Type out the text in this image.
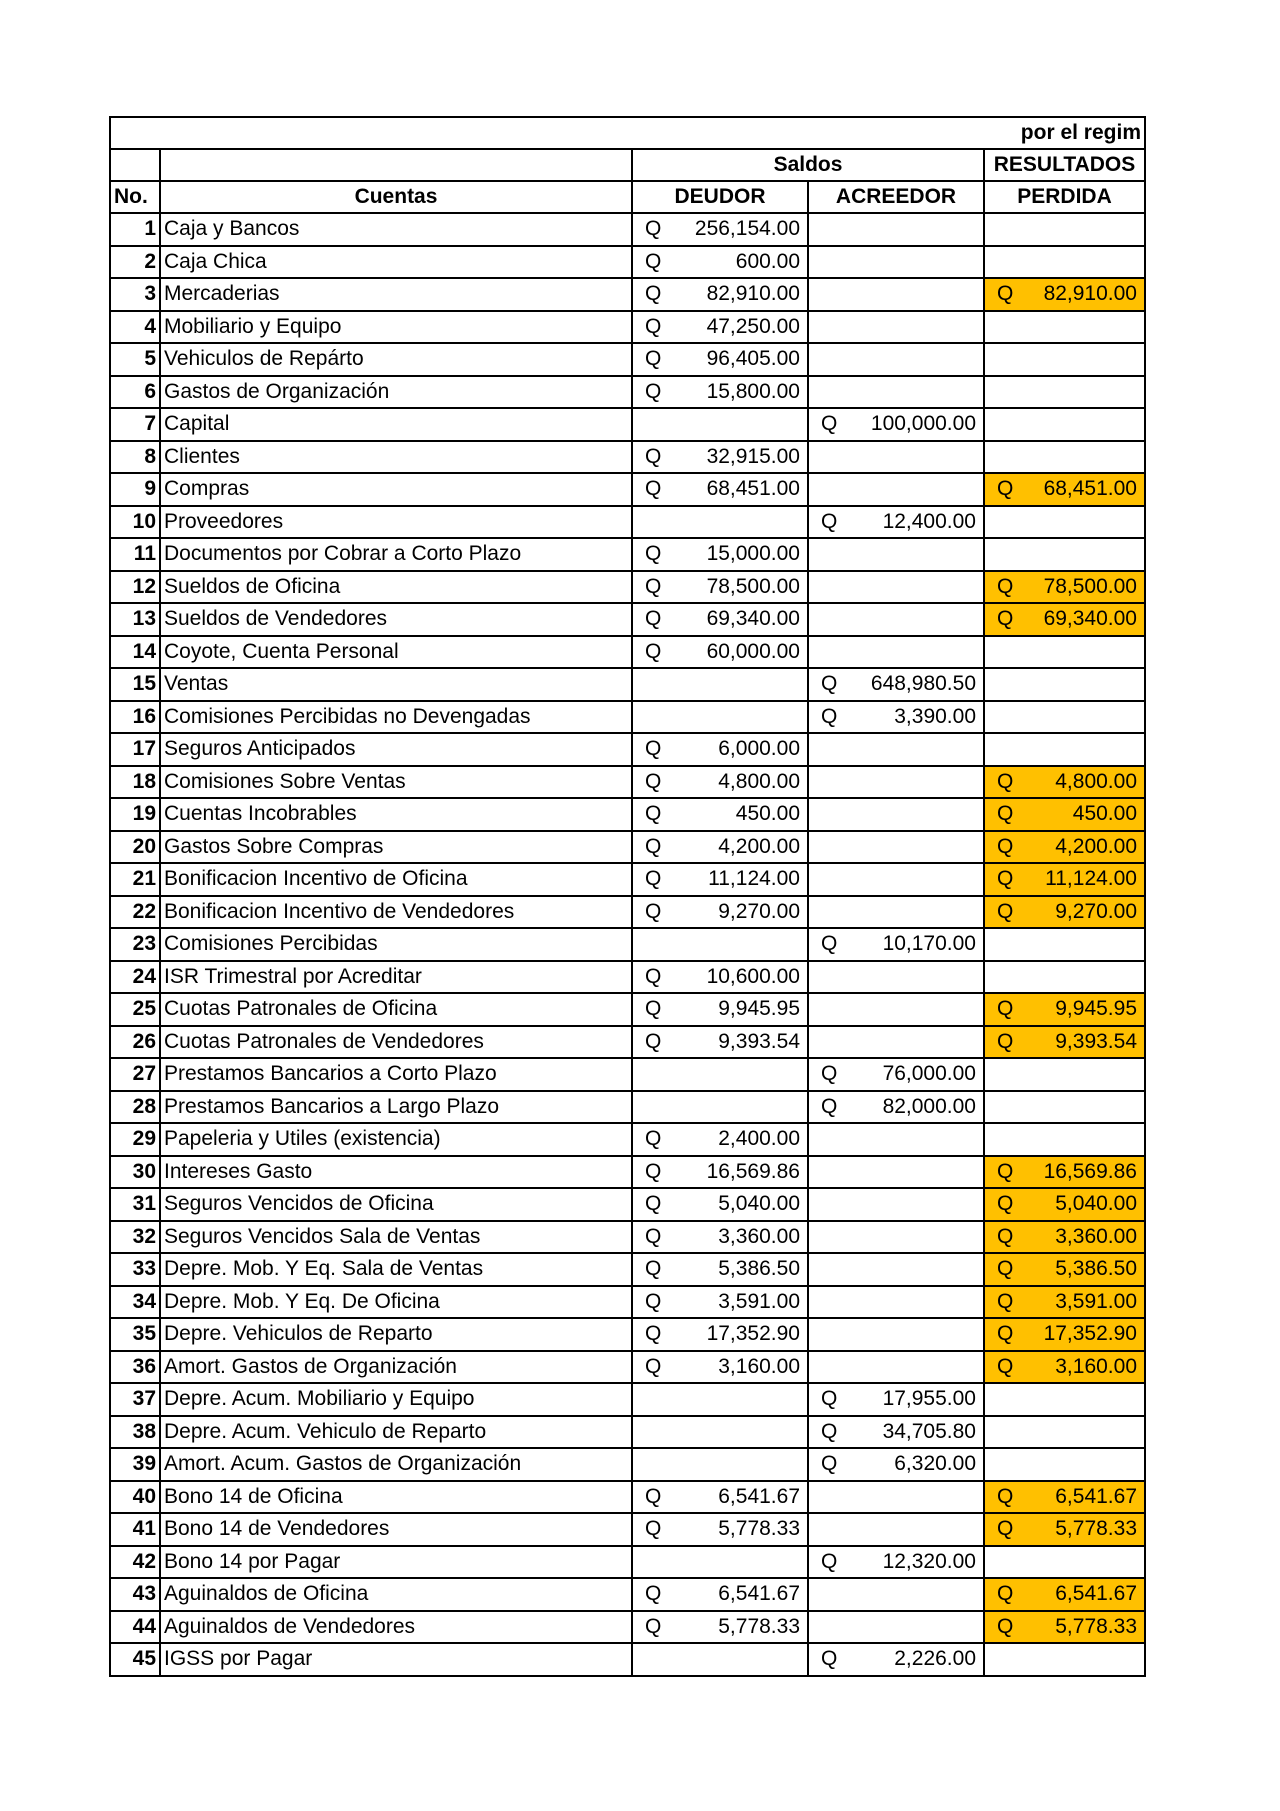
por el regim				
		Saldos		RESULTADOS
No.	Cuentas	DEUDOR	ACREEDOR	PERDIDA
1	Caja y Bancos	Q 256,154.00		

2	Caja Chica	Q 600.00		

3	Mercaderias	Q 82,910.00		Q 82,910.00

4	Mobiliario y Equipo	Q 47,250.00		

5	Vehiculos de Repárto	Q 96,405.00		

6	Gastos de Organización	Q 15,800.00		

7	Capital		Q 100,000.00	

8	Clientes	Q 32,915.00		

9	Compras	Q 68,451.00		Q 68,451.00

10	Proveedores		Q 12,400.00	

11	Documentos por Cobrar a Corto Plazo	Q 15,000.00		

12	Sueldos de Oficina	Q 78,500.00		Q 78,500.00

13	Sueldos de Vendedores	Q 69,340.00		Q 69,340.00

14	Coyote, Cuenta Personal	Q 60,000.00		

15	Ventas		Q 648,980.50	

16	Comisiones Percibidas no Devengadas		Q 3,390.00	

17	Seguros Anticipados	Q 6,000.00		

18	Comisiones Sobre Ventas	Q 4,800.00		Q 4,800.00

19	Cuentas Incobrables	Q 450.00		Q 450.00

20	Gastos Sobre Compras	Q 4,200.00		Q 4,200.00

21	Bonificacion Incentivo de Oficina	Q 11,124.00		Q 11,124.00

22	Bonificacion Incentivo de Vendedores	Q 9,270.00		Q 9,270.00

23	Comisiones Percibidas		Q 10,170.00	

24	ISR Trimestral por Acreditar	Q 10,600.00		

25	Cuotas Patronales de Oficina	Q 9,945.95		Q 9,945.95

26	Cuotas Patronales de Vendedores	Q 9,393.54		Q 9,393.54

27	Prestamos Bancarios a Corto Plazo		Q 76,000.00	

28	Prestamos Bancarios a Largo Plazo		Q 82,000.00	

29	Papeleria y Utiles (existencia)	Q 2,400.00		

30	Intereses Gasto	Q 16,569.86		Q 16,569.86

31	Seguros Vencidos de Oficina	Q 5,040.00		Q 5,040.00

32	Seguros Vencidos Sala de Ventas	Q 3,360.00		Q 3,360.00

33	Depre. Mob. Y Eq. Sala de Ventas	Q 5,386.50		Q 5,386.50

34	Depre. Mob. Y Eq. De Oficina	Q 3,591.00		Q 3,591.00

35	Depre. Vehiculos de Reparto	Q 17,352.90		Q 17,352.90

36	Amort. Gastos de Organización	Q 3,160.00		Q 3,160.00

37	Depre. Acum. Mobiliario y Equipo		Q 17,955.00	

38	Depre. Acum. Vehiculo de Reparto		Q 34,705.80	

39	Amort. Acum. Gastos de Organización		Q 6,320.00	

40	Bono 14 de Oficina	Q 6,541.67		Q 6,541.67

41	Bono 14 de Vendedores	Q 5,778.33		Q 5,778.33

42	Bono 14 por Pagar		Q 12,320.00	

43	Aguinaldos de Oficina	Q 6,541.67		Q 6,541.67

44	Aguinaldos de Vendedores	Q 5,778.33		Q 5,778.33

45	IGSS por Pagar		Q 2,226.00	
